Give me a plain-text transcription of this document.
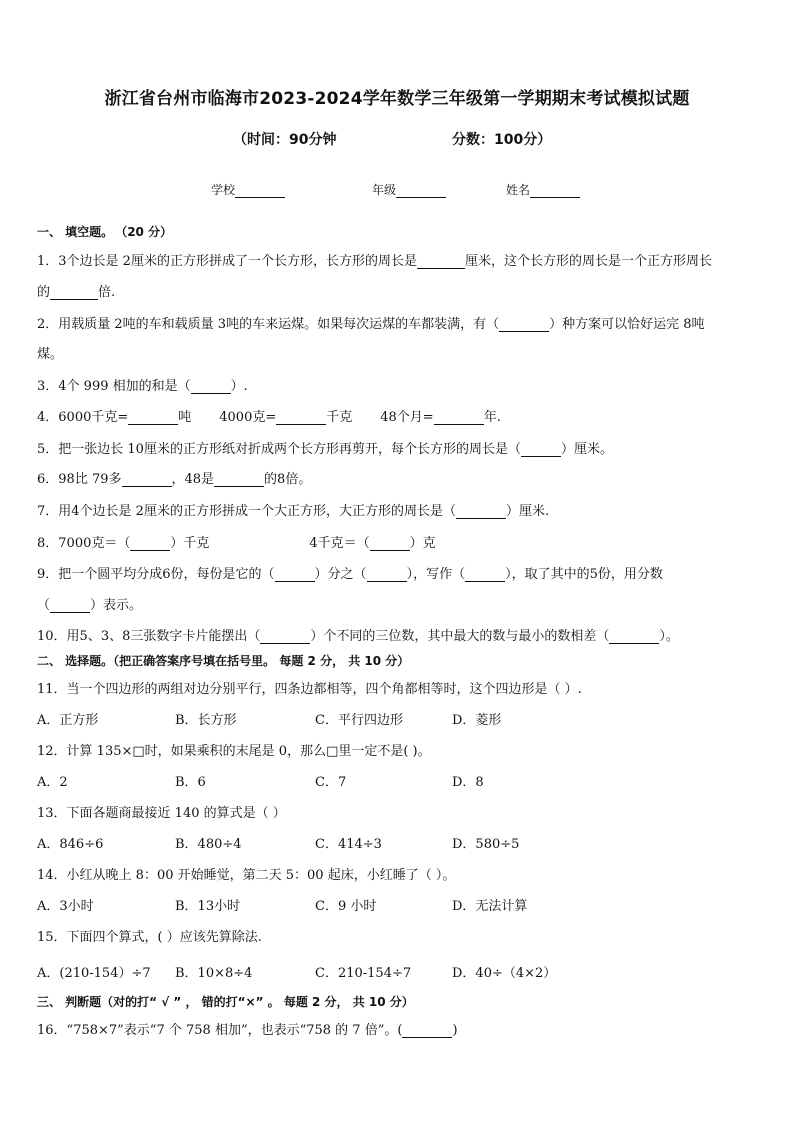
浙江省台州市临海市2023-2024学年数学三年级第一学期期末考试模拟试题
（时间：90分钟	分数：100分）
学校	年级	姓名
一、 填空题。 （20 分）
1．3个边长是 2厘米的正方形拼成了一个长方形，长方形的周长是	厘米，这个长方形的周长是一个正方形周长
的	倍.
2．用载质量 2吨的车和载质量 3吨的车来运煤。如果每次运煤的车都装满，有（	）种方案可以恰好运完 8吨
煤。
3．4个 999 相加的和是（	）.
4．6000千克=	吨 4000克=	千克 48个月=	年.
5．把一张边长 10厘米的正方形纸对折成两个长方形再剪开，每个长方形的周长是（	）厘米。
6．98比 79多	，48是	的8倍。
7．用4个边长是 2厘米的正方形拼成一个大正方形，大正方形的周长是（	）厘米.
8．7000克＝（	）千克	4千克＝（	）克
9．把一个圆平均分成6份，每份是它的（	）分之（	），写作（	），取了其中的5份，用分数
（	）表示。
10．用5、3、8三张数字卡片能摆出（	）个不同的三位数，其中最大的数与最小的数相差（	）。
二、 选择题。（把正确答案序号填在括号里。 每题 2 分， 共 10 分）
11．当一个四边形的两组对边分别平行，四条边都相等，四个角都相等时，这个四边形是（ ）.
A．正方形	B．长方形	C．平行四边形	D．菱形
12．计算 135×□时，如果乘积的末尾是 0，那么□里一定不是( )。
A．2	B．6	C．7	D．8
13．下面各题商最接近 140 的算式是（ ）
A．846÷6	B．480÷4	C．414÷3	D．580÷5
14．小红从晚上 8：00 开始睡觉，第二天 5：00 起床，小红睡了（ ）。
A．3小时	B．13小时	C．9 小时	D．无法计算
15．下面四个算式，( ）应该先算除法.
A．(210-154）÷7 B．10×8÷4	C．210-154÷7	D．40÷（4×2）
三、 判断题（对的打“ √ ” ， 错的打“×” 。 每题 2 分， 共 10 分）
16．“758×7”表示“7 个 758 相加”，也表示“758 的 7 倍”。(	)
